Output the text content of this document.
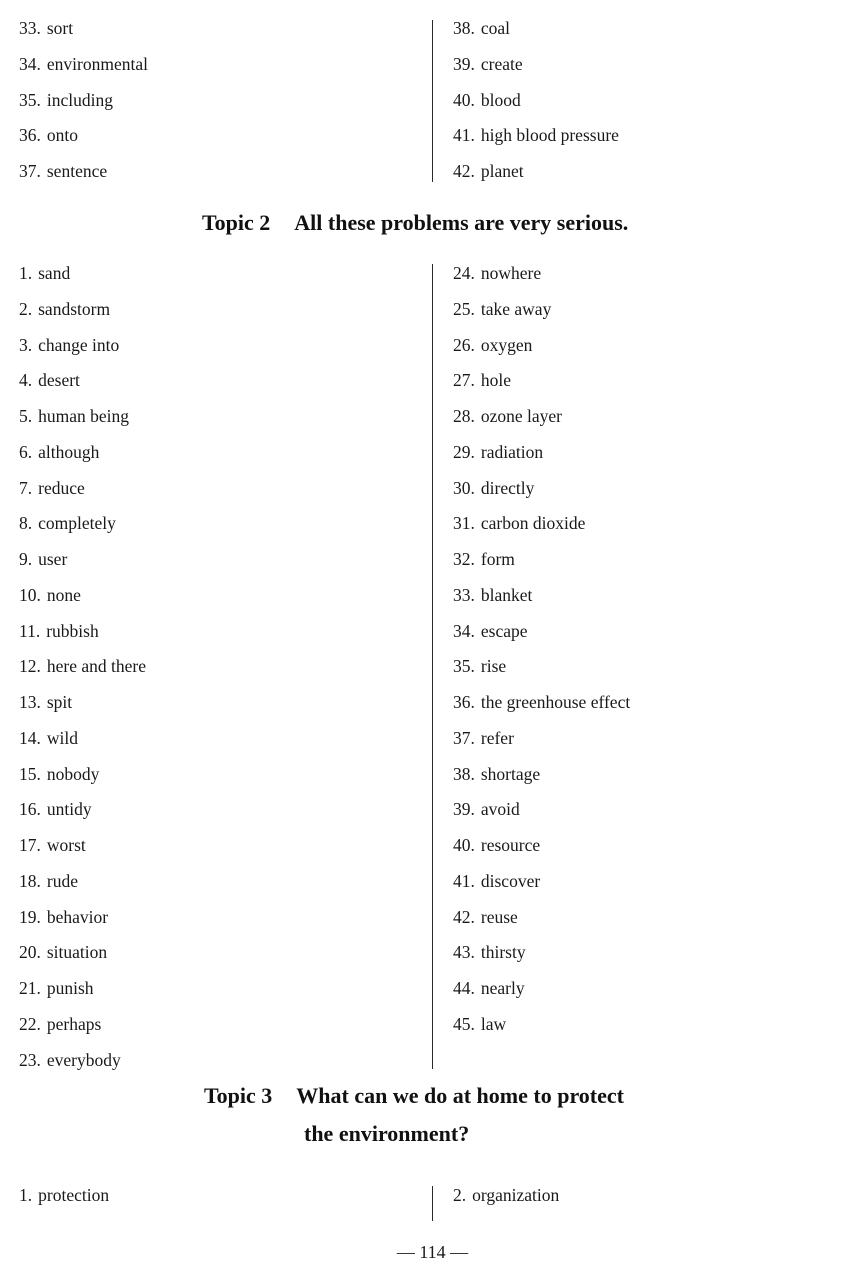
33. sort
34. environmental
35. including
36. onto
37. sentence
38. coal
39. create
40. blood
41. high blood pressure
42. planet
Topic 2 All these problems are very serious.
1. sand
2. sandstorm
3. change into
4. desert
5. human being
6. although
7. reduce
8. completely
9. user
10. none
11. rubbish
12. here and there
13. spit
14. wild
15. nobody
16. untidy
17. worst
18. rude
19. behavior
20. situation
21. punish
22. perhaps
23. everybody
24. nowhere
25. take away
26. oxygen
27. hole
28. ozone layer
29. radiation
30. directly
31. carbon dioxide
32. form
33. blanket
34. escape
35. rise
36. the greenhouse effect
37. refer
38. shortage
39. avoid
40. resource
41. discover
42. reuse
43. thirsty
44. nearly
45. law
Topic 3 What can we do at home to protect
the environment?
1. protection	2. organization
— 114 —
